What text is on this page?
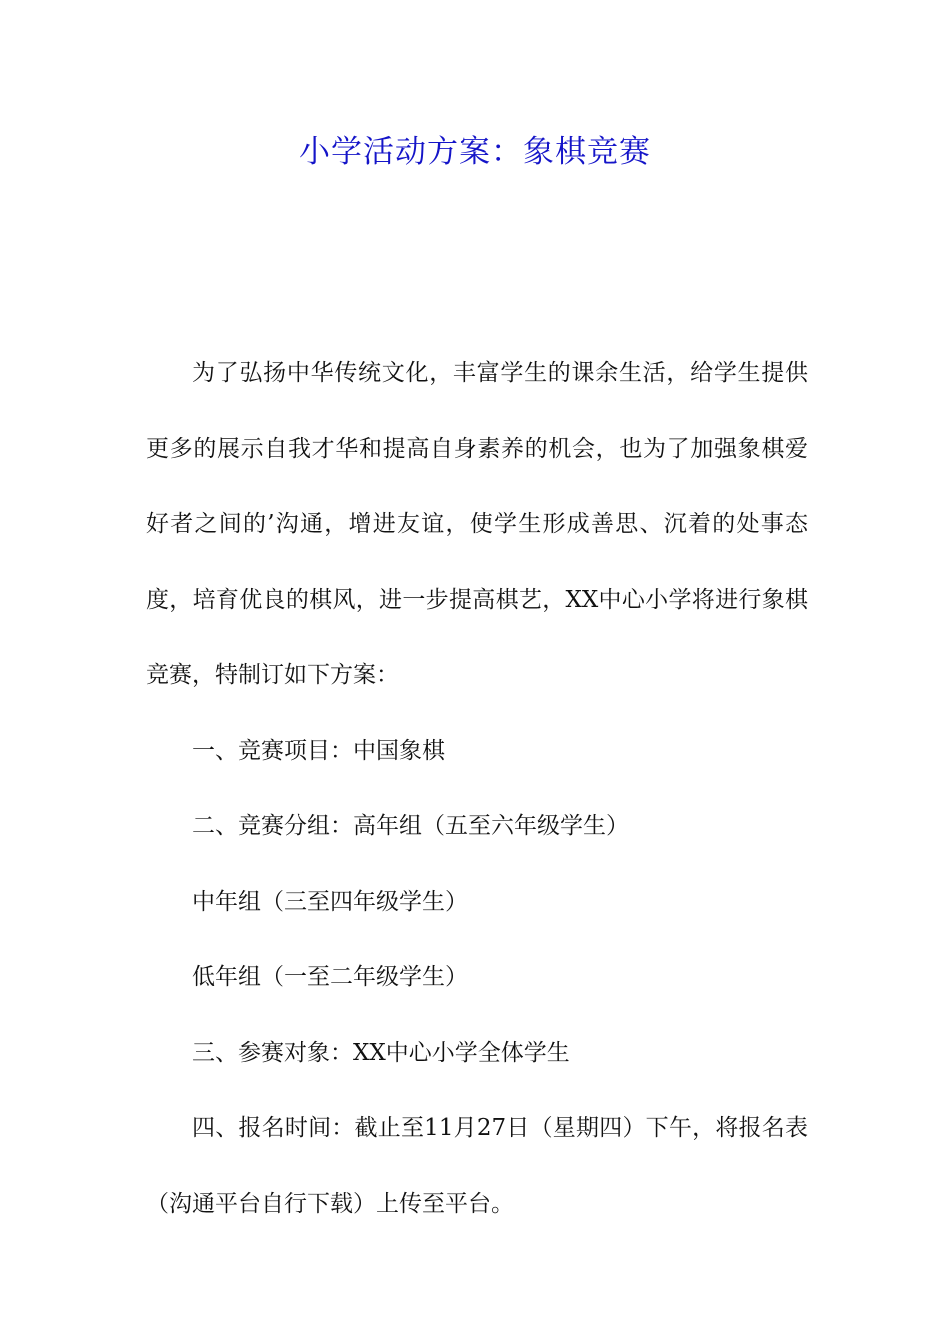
小学活动方案：象棋竞赛

为了弘扬中华传统文化，丰富学生的课余生活，给学生提供更多的展示自我才华和提高自身素养的机会，也为了加强象棋爱好者之间的’沟通，增进友谊，使学生形成善思、沉着的处事态度，培育优良的棋风，进一步提高棋艺，XX中心小学将进行象棋竞赛，特制订如下方案：

一、竞赛项目：中国象棋

二、竞赛分组：高年组（五至六年级学生）

中年组（三至四年级学生）

低年组（一至二年级学生）

三、参赛对象：XX中心小学全体学生

四、报名时间：截止至11月27日（星期四）下午，将报名表（沟通平台自行下载）上传至平台。
